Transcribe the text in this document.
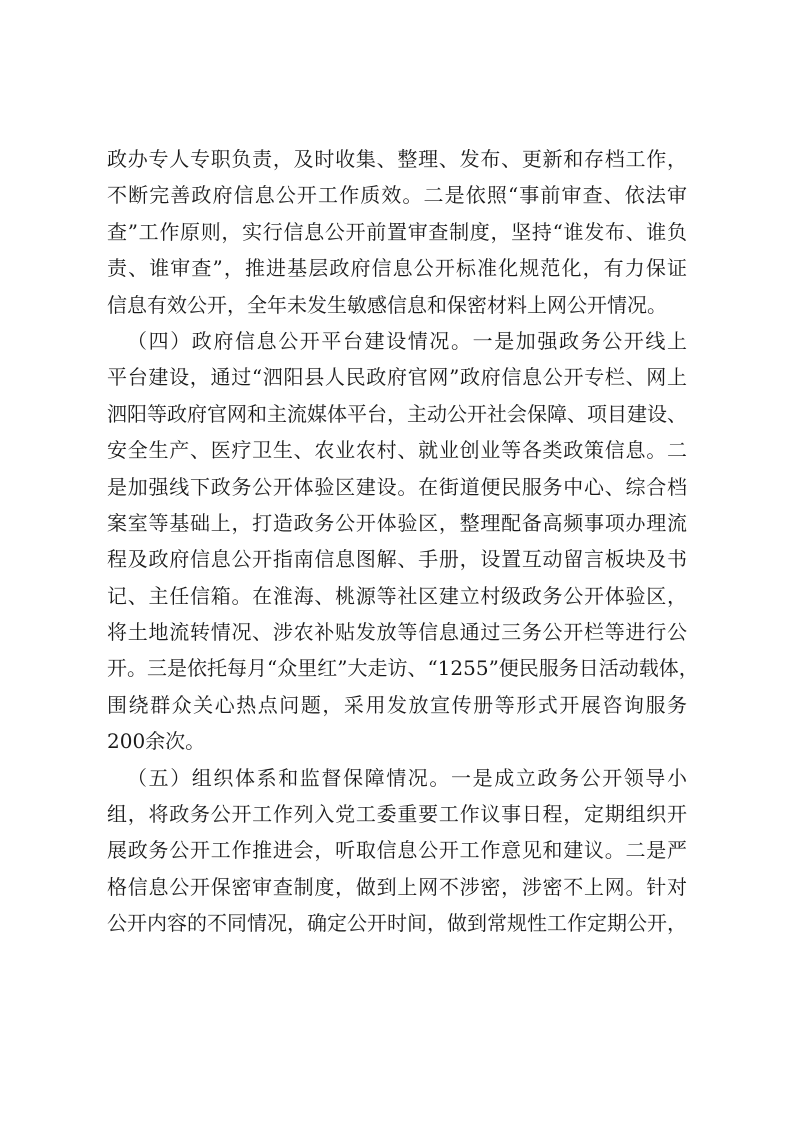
政办专人专职负责，及时收集、整理、发布、更新和存档工作，
不断完善政府信息公开工作质效。二是依照“事前审查、依法审
查”工作原则，实行信息公开前置审查制度，坚持“谁发布、谁负
责、谁审查”，推进基层政府信息公开标准化规范化，有力保证
信息有效公开，全年未发生敏感信息和保密材料上网公开情况。
（四）政府信息公开平台建设情况。一是加强政务公开线上
平台建设，通过“泗阳县人民政府官网”政府信息公开专栏、网上
泗阳等政府官网和主流媒体平台，主动公开社会保障、项目建设、
安全生产、医疗卫生、农业农村、就业创业等各类政策信息。二
是加强线下政务公开体验区建设。在街道便民服务中心、综合档
案室等基础上，打造政务公开体验区，整理配备高频事项办理流
程及政府信息公开指南信息图解、手册，设置互动留言板块及书
记、主任信箱。在淮海、桃源等社区建立村级政务公开体验区，
将土地流转情况、涉农补贴发放等信息通过三务公开栏等进行公
开。三是依托每月“众里红”大走访、“1255”便民服务日活动载体，
围绕群众关心热点问题，采用发放宣传册等形式开展咨询服务
200余次。
（五）组织体系和监督保障情况。一是成立政务公开领导小
组，将政务公开工作列入党工委重要工作议事日程，定期组织开
展政务公开工作推进会，听取信息公开工作意见和建议。二是严
格信息公开保密审查制度，做到上网不涉密，涉密不上网。针对
公开内容的不同情况，确定公开时间，做到常规性工作定期公开，
